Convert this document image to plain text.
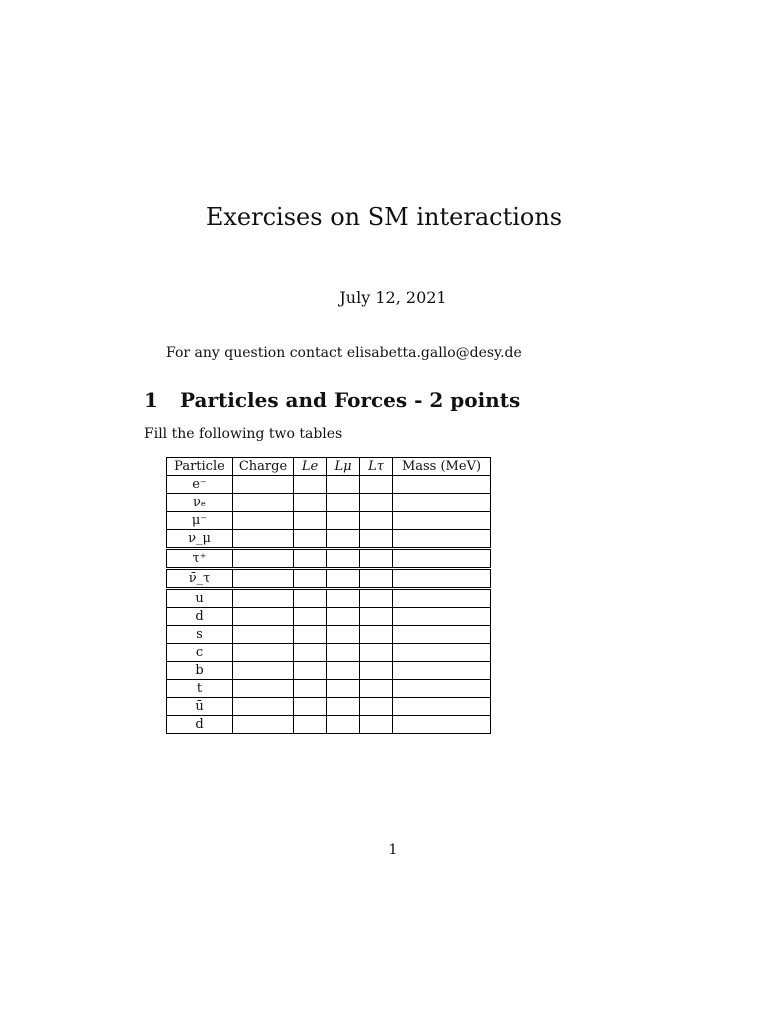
Exercises on SM interactions
July 12, 2021
For any question contact elisabetta.gallo@desy.de
1 Particles and Forces - 2 points
Fill the following two tables
Particle	Charge	Le	Lμ	Lτ	Mass (MeV)
e⁻					
νₑ					
μ⁻					
ν_μ					
τ⁺					
ν̄_τ					
u					
d					
s					
c					
b					
t					
ū					
d̄					
1
